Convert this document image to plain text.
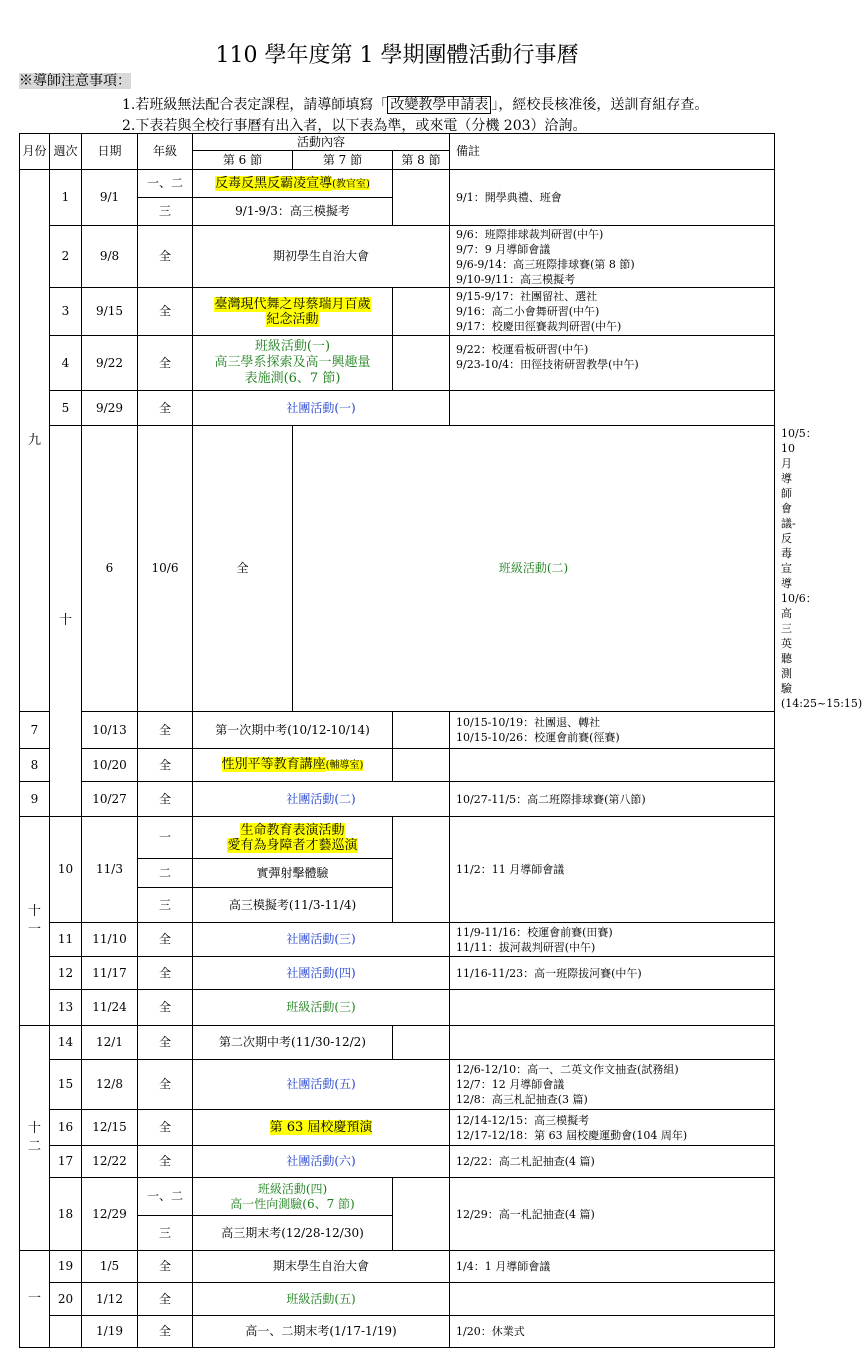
110 學年度第 1 學期團體活動行事曆
※導師注意事項：
1.若班級無法配合表定課程，請導師填寫「 改變教學申請表 」，經校長核准後，送訓育組存查。
2.下表若與全校行事曆有出入者，以下表為準，或來電（分機 203）洽詢。
月份	週次	日期	年級	活動內容			備註	
				第 6 節	第 7 節	第 8 節		
九	1	9/1	一、二	反毒反黑反霸凌宣導(教官室)			9/1：開學典禮、班會	
			三	9/1-9/3：高三模擬考				
	2	9/8	全	期初學生自治大會			9/6：班際排球裁判研習(中午)
9/7：9 月導師會議
9/6-9/14：高三班際排球賽(第 8 節)
9/10-9/11：高三模擬考	

	3	9/15	全	臺灣現代舞之母蔡瑞月百歲
紀念活動			9/15-9/17：社團留社、選社
9/16：高二小會舞研習(中午)
9/17：校慶田徑賽裁判研習(中午)	

	4	9/22	全	班級活動(一)
高三學系探索及高一興趣量
表施測(6、7 節)			9/22：校運看板研習(中午)
9/23-10/4：田徑技術研習教學(中午)	

	5	9/29	全	社團活動(一)				
	十	6	10/6	全	班級活動(二)			10/5：10 月導師會議-反毒宣導
10/6：高三英聽測驗 (14:25~15:15)

7		10/13	全	第一次期中考(10/12-10/14)			10/15-10/19：社團退、轉社
10/15-10/26：校運會前賽(徑賽)	

8		10/20	全	性別平等教育講座(輔導室)				
9		10/27	全	社團活動(二)			10/27-11/5：高二班際排球賽(第八節)	
十一	10	11/3	一	生命教育表演活動
愛有為身障者才藝巡演			11/2：11 月導師會議	
			二	實彈射擊體驗				
			三	高三模擬考(11/3-11/4)				
	11	11/10	全	社團活動(三)			11/9-11/16：校運會前賽(田賽)
11/11：拔河裁判研習(中午)	

	12	11/17	全	社團活動(四)			11/16-11/23：高一班際拔河賽(中午)	
	13	11/24	全	班級活動(三)				
十二	14	12/1	全	第二次期中考(11/30-12/2)				
	15	12/8	全	社團活動(五)			12/6-12/10：高一、二英文作文抽查(試務組)
12/7：12 月導師會議
12/8：高三札記抽查(3 篇)	

	16	12/15	全	第 63 屆校慶預演			12/14-12/15：高三模擬考
12/17-12/18：第 63 屆校慶運動會(104 周年)	

	17	12/22	全	社團活動(六)			12/22：高二札記抽查(4 篇)	
	18	12/29	一、二	班級活動(四)
高一性向測驗(6、7 節)			12/29：高一札記抽查(4 篇)	
			三	高三期末考(12/28-12/30)				
一	19	1/5	全	期末學生自治大會			1/4：1 月導師會議	
	20	1/12	全	班級活動(五)				
		1/19	全	高一、二期末考(1/17-1/19)			1/20：休業式	
